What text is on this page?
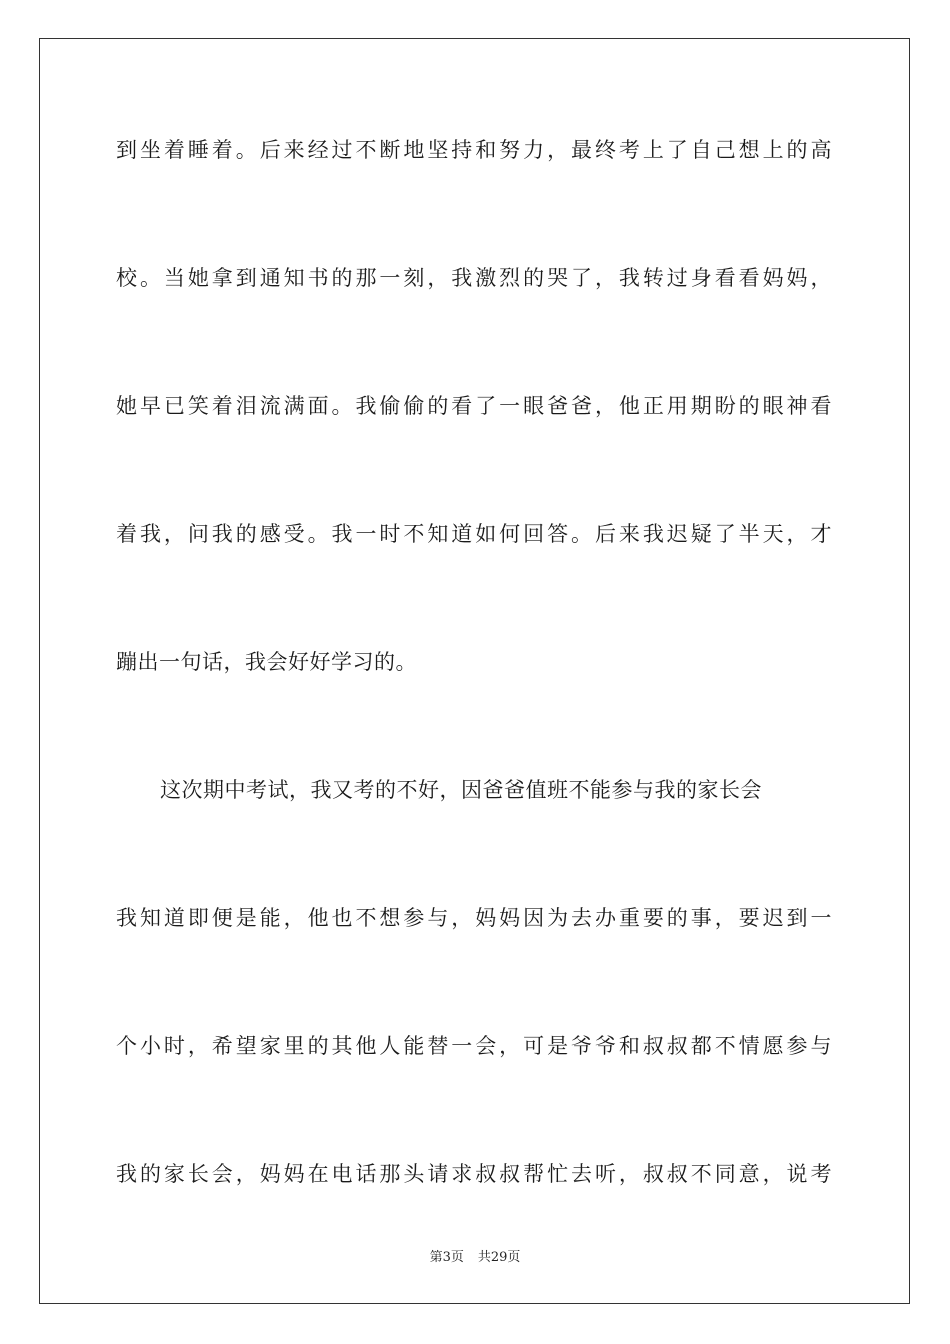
到坐着睡着。后来经过不断地坚持和努力，最终考上了自己想上的高
校。当她拿到通知书的那一刻，我激烈的哭了，我转过身看看妈妈，
她早已笑着泪流满面。我偷偷的看了一眼爸爸，他正用期盼的眼神看
着我，问我的感受。我一时不知道如何回答。后来我迟疑了半天，才
蹦出一句话，我会好好学习的。
这次期中考试，我又考的不好，因爸爸值班不能参与我的家长会
我知道即便是能，他也不想参与，妈妈因为去办重要的事，要迟到一
个小时，希望家里的其他人能替一会，可是爷爷和叔叔都不情愿参与
我的家长会，妈妈在电话那头请求叔叔帮忙去听，叔叔不同意，说考
第3页 共29页
